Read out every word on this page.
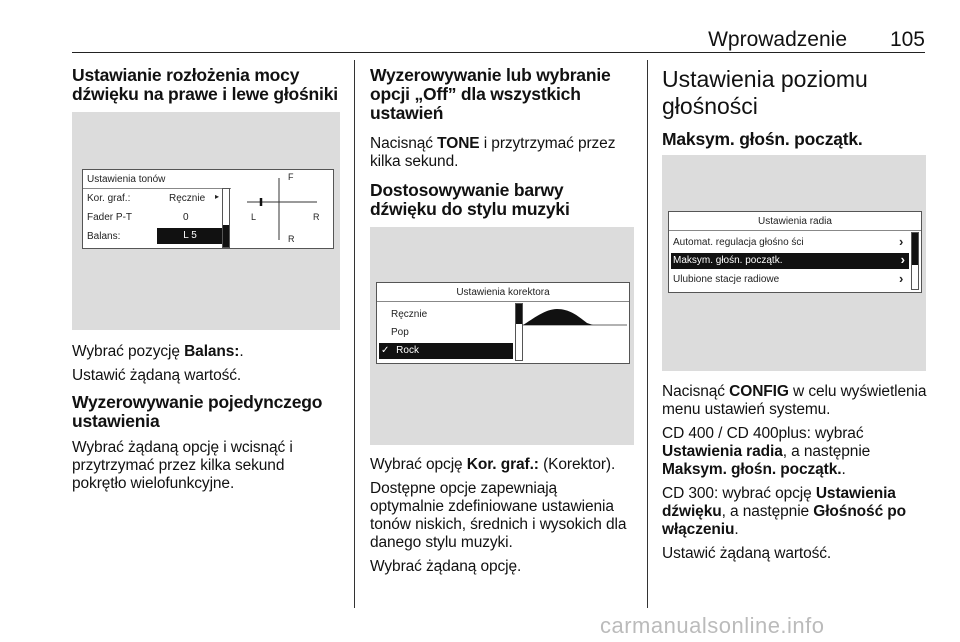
Wprowadzenie 105
Ustawianie rozłożenia mocy dźwięku na prawe i lewe głośniki
Ustawienia tonów
Kor. graf.:	Ręcznie ▸
Fader P-T	0
Balans:	L 5
F
L	R
R

Wybrać pozycję Balans:.

Ustawić żądaną wartość.

Wyzerowywanie pojedynczego ustawienia

Wybrać żądaną opcję i wcisnąć i przytrzymać przez kilka sekund pokrętło wielofunkcyjne.

Wyzerowywanie lub wybranie opcji „Off” dla wszystkich ustawień

Nacisnąć TONE i przytrzymać przez kilka sekund.

Dostosowywanie barwy dźwięku do stylu muzyki
Ustawienia korektora
Ręcznie
Pop
✓ Rock

Wybrać opcję Kor. graf.: (Korektor).

Dostępne opcje zapewniają optymalnie zdefiniowane ustawienia tonów niskich, średnich i wysokich dla danego stylu muzyki.

Wybrać żądaną opcję.

Ustawienia poziomu głośności
Maksym. głośn. początk.
Ustawienia radia
Automat. regulacja głośno ści	›
Maksym. głośn. początk.	›
Ulubione stacje radiowe	›

Nacisnąć CONFIG w celu wyświetlenia menu ustawień systemu.

CD 400 / CD 400plus: wybrać Ustawienia radia, a następnie Maksym. głośn. początk..

CD 300: wybrać opcję Ustawienia dźwięku, a następnie Głośność po włączeniu.

Ustawić żądaną wartość.

carmanualsonline.info
